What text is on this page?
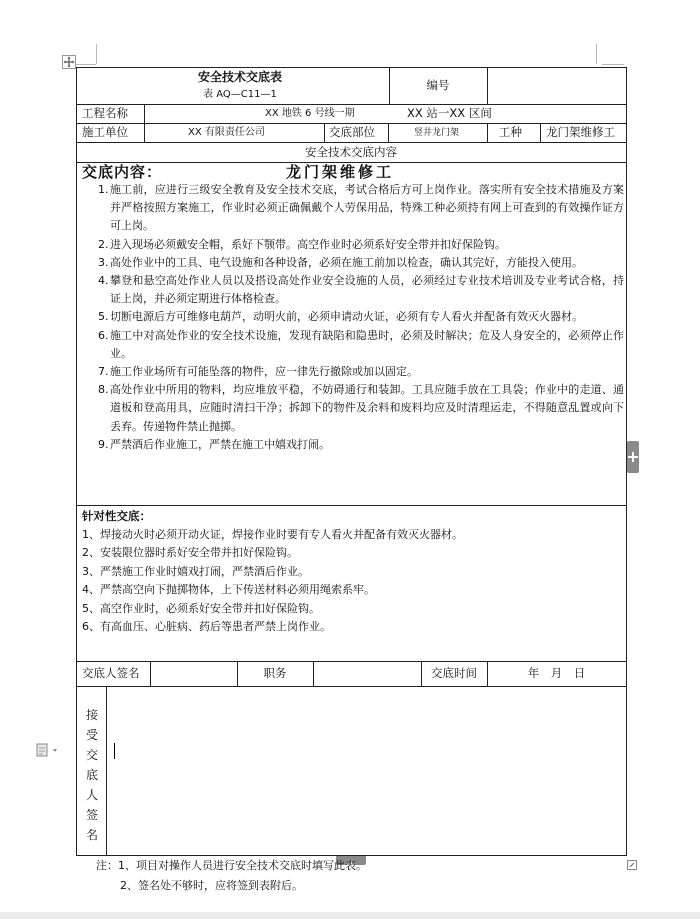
安全技术交底表
表 AQ—C11—1
编号
工程名称	XX 地铁 6 号线一期	XX 站一XX 区间
施工单位	XX 有限责任公司	交底部位	竖井龙门架	工种 龙门架维修工
安全技术交底内容
交底内容：	龙门架维修工
1. 施工前，应进行三级安全教育及安全技术交底，考试合格后方可上岗作业。落实所有安全技术措施及方案并严格按照方案施工，作业时必须正确佩戴个人劳保用品，特殊工种必须持有网上可查到的有效操作证方可上岗。
2. 进入现场必须戴安全帽，系好下颚带。高空作业时必须系好安全带并扣好保险钩。
3. 高处作业中的工具、电气设施和各种设备，必须在施工前加以检查，确认其完好，方能投入使用。
4. 攀登和悬空高处作业人员以及搭设高处作业安全设施的人员，必须经过专业技术培训及专业考试合格，持证上岗，并必须定期进行体格检查。
5. 切断电源后方可维修电葫芦，动明火前，必须申请动火证，必须有专人看火并配备有效灭火器材。
6. 施工中对高处作业的安全技术设施，发现有缺陷和隐患时，必须及时解决；危及人身安全的，必须停止作业。
7. 施工作业场所有可能坠落的物件，应一律先行撤除或加以固定。
8. 高处作业中所用的物料，均应堆放平稳，不妨碍通行和装卸。工具应随手放在工具袋；作业中的走道、通道板和登高用具，应随时清扫干净；拆卸下的物件及余料和废料均应及时清理运走，不得随意乱置或向下丢弃。传递物件禁止抛掷。
9. 严禁酒后作业施工，严禁在施工中嬉戏打闹。
针对性交底：
1、焊接动火时必须开动火证，焊接作业时要有专人看火并配备有效灭火器材。
2、安装限位器时系好安全带并扣好保险钩。
3、严禁施工作业时嬉戏打闹，严禁酒后作业。
4、严禁高空向下抛掷物体，上下传送材料必须用绳索系牢。
5、高空作业时，必须系好安全带并扣好保险钩。
6、有高血压、心脏病、药后等患者严禁上岗作业。
交底人签名	职务	交底时间	年　月　日
接受交底人签名
注：1、项目对操作人员进行安全技术交底时填写此表。
2、签名处不够时，应将签到表附后。
